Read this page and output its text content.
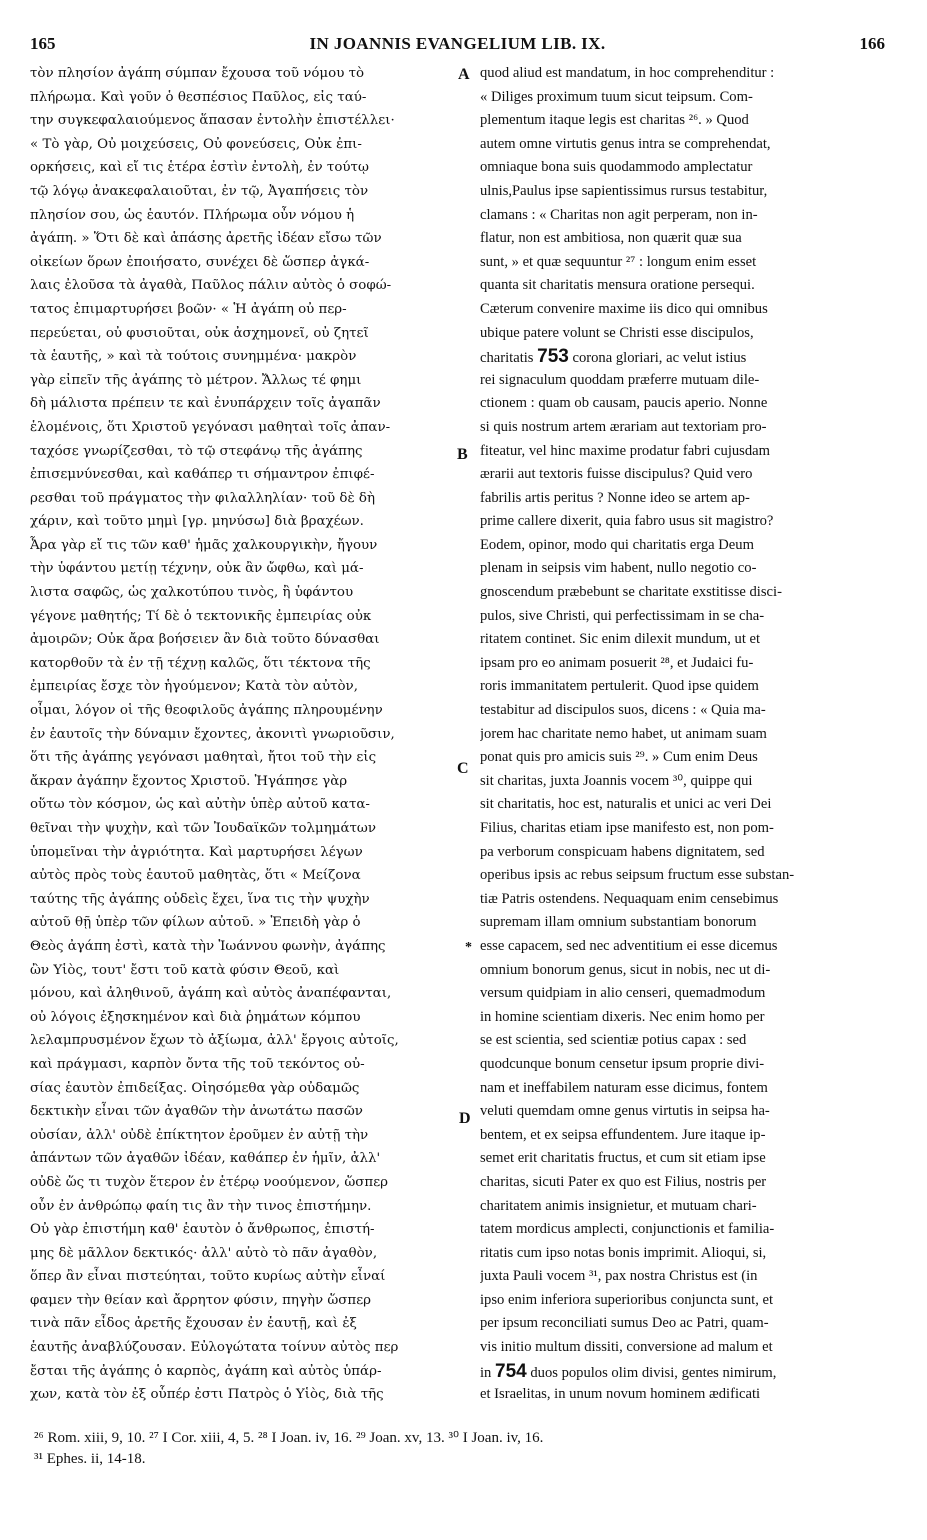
165	IN JOANNIS EVANGELIUM LIB. IX.	166
τὸν πλησίον ἀγάπη σύμπαν ἔχουσα τοῦ νόμου τὸ
πλήρωμα. Καὶ γοῦν ὁ θεσπέσιος Παῦλος, εἰς ταύ-
την συγκεφαλαιούμενος ἅπασαν ἐντολὴν ἐπιστέλλει·
« Τὸ γὰρ, Οὐ μοιχεύσεις, Οὐ φονεύσεις, Οὐκ ἐπι-
ορκήσεις, καὶ εἴ τις ἑτέρα ἐστὶν ἐντολὴ, ἐν τούτῳ
τῷ λόγῳ ἀνακεφαλαιοῦται, ἐν τῷ, Ἀγαπήσεις τὸν
πλησίον σου, ὡς ἑαυτόν. Πλήρωμα οὖν νόμου ἡ
ἀγάπη. » Ὅτι δὲ καὶ ἁπάσης ἀρετῆς ἰδέαν εἴσω τῶν
οἰκείων ὅρων ἐποιήσατο, συνέχει δὲ ὥσπερ ἀγκά-
λαις ἐλοῦσα τὰ ἀγαθὰ, Παῦλος πάλιν αὐτὸς ὁ σοφώ-
τατος ἐπιμαρτυρήσει βοῶν· « Ἡ ἀγάπη οὐ περ-
περεύεται, οὐ φυσιοῦται, οὐκ ἀσχημονεῖ, οὐ ζητεῖ
τὰ ἑαυτῆς, » καὶ τὰ τούτοις συνημμένα· μακρὸν
γὰρ εἰπεῖν τῆς ἀγάπης τὸ μέτρον. Ἄλλως τέ φημι
δὴ μάλιστα πρέπειν τε καὶ ἐνυπάρχειν τοῖς ἀγαπᾶν
ἑλομένοις, ὅτι Χριστοῦ γεγόνασι μαθηταὶ τοῖς ἀπαν-
ταχόσε γνωρίζεσθαι, τὸ τῷ στεφάνῳ τῆς ἀγάπης
ἐπισεμνύνεσθαι, καὶ καθάπερ τι σήμαντρον ἐπιφέ-
ρεσθαι τοῦ πράγματος τὴν φιλαλληλίαν· τοῦ δὲ δὴ
χάριν, καὶ τοῦτο μημὶ [γρ. μηνύσω] διὰ βραχέων.
Ἆρα γὰρ εἴ τις τῶν καθ' ἡμᾶς χαλκουργικὴν, ἤγουν
τὴν ὑφάντου μετίῃ τέχνην, οὐκ ἂν ὤφθω, καὶ μά-
λιστα σαφῶς, ὡς χαλκοτύπου τινὸς, ἢ ὑφάντου
γέγονε μαθητής; Τί δὲ ὁ τεκτονικῆς ἐμπειρίας οὐκ
ἀμοιρῶν; Οὐκ ἄρα βοήσειεν ἂν διὰ τοῦτο δύνασθαι
κατορθοῦν τὰ ἐν τῇ τέχνῃ καλῶς, ὅτι τέκτονα τῆς
ἐμπειρίας ἔσχε τὸν ἡγούμενον; Κατὰ τὸν αὐτὸν,
οἶμαι, λόγον οἱ τῆς θεοφιλοῦς ἀγάπης πληρουμένην
ἐν ἑαυτοῖς τὴν δύναμιν ἔχοντες, ἀκονιτὶ γνωριοῦσιν,
ὅτι τῆς ἀγάπης γεγόνασι μαθηταὶ, ἤτοι τοῦ τὴν εἰς
ἄκραν ἀγάπην ἔχοντος Χριστοῦ. Ἠγάπησε γὰρ
οὕτω τὸν κόσμον, ὡς καὶ αὐτὴν ὑπὲρ αὐτοῦ κατα-
θεῖναι τὴν ψυχὴν, καὶ τῶν Ἰουδαϊκῶν τολμημάτων
ὑπομεῖναι τὴν ἀγριότητα. Καὶ μαρτυρήσει λέγων
αὐτὸς πρὸς τοὺς ἑαυτοῦ μαθητὰς, ὅτι « Μείζονα
ταύτης τῆς ἀγάπης οὐδεὶς ἔχει, ἵνα τις τὴν ψυχὴν
αὐτοῦ θῇ ὑπὲρ τῶν φίλων αὐτοῦ. » Ἐπειδὴ γὰρ ὁ
Θεὸς ἀγάπη ἐστὶ, κατὰ τὴν Ἰωάννου φωνὴν, ἀγάπης
ὢν Υἱὸς, τουτ' ἔστι τοῦ κατὰ φύσιν Θεοῦ, καὶ
μόνου, καὶ ἀληθινοῦ, ἀγάπη καὶ αὐτὸς ἀναπέφανται,
οὐ λόγοις ἐξησκημένον καὶ διὰ ῥημάτων κόμπου
λελαμπρυσμένον ἔχων τὸ ἀξίωμα, ἀλλ' ἔργοις αὐτοῖς,
καὶ πράγμασι, καρπὸν ὄντα τῆς τοῦ τεκόντος οὐ-
σίας ἑαυτὸν ἐπιδείξας. Οἰησόμεθα γὰρ οὐδαμῶς
δεκτικὴν εἶναι τῶν ἀγαθῶν τὴν ἀνωτάτω πασῶν
οὐσίαν, ἀλλ' οὐδὲ ἐπίκτητον ἐροῦμεν ἐν αὐτῇ τὴν
ἁπάντων τῶν ἀγαθῶν ἰδέαν, καθάπερ ἐν ἡμῖν, ἀλλ'
οὐδὲ ὥς τι τυχὸν ἕτερον ἐν ἑτέρῳ νοούμενον, ὥσπερ
οὖν ἐν ἀνθρώπῳ φαίη τις ἂν τὴν τινος ἐπιστήμην.
Οὐ γὰρ ἐπιστήμη καθ' ἑαυτὸν ὁ ἄνθρωπος, ἐπιστή-
μης δὲ μᾶλλον δεκτικός· ἀλλ' αὐτὸ τὸ πᾶν ἀγαθὸν,
ὅπερ ἂν εἶναι πιστεύηται, τοῦτο κυρίως αὐτὴν εἶναί
φαμεν τὴν θείαν καὶ ἄρρητον φύσιν, πηγὴν ὥσπερ
τινὰ πᾶν εἶδος ἀρετῆς ἔχουσαν ἐν ἑαυτῇ, καὶ ἐξ
ἑαυτῆς ἀναβλύζουσαν. Εὐλογώτατα τοίνυν αὐτὸς περ
ἔσται τῆς ἀγάπης ὁ καρπὸς, ἀγάπη καὶ αὐτὸς ὑπάρ-
χων, κατὰ τὸν ἐξ οὗπέρ ἐστι Πατρὸς ὁ Υἱὸς, διὰ τῆς
A
B
C
*
D
quod aliud est mandatum, in hoc comprehenditur :
« Diliges proximum tuum sicut teipsum. Com-
plementum itaque legis est charitas ²⁶. » Quod
autem omne virtutis genus intra se comprehendat,
omniaque bona suis quodammodo amplectatur
ulnis,Paulus ipse sapientissimus rursus testabitur,
clamans : « Charitas non agit perperam, non in-
flatur, non est ambitiosa, non quærit quæ sua
sunt, » et quæ sequuntur ²⁷ : longum enim esset
quanta sit charitatis mensura oratione persequi.
Cæterum convenire maxime iis dico qui omnibus
ubique patere volunt se Christi esse discipulos,
charitatis 753 corona gloriari, ac velut istius
rei signaculum quoddam præferre mutuam dile-
ctionem : quam ob causam, paucis aperio. Nonne
si quis nostrum artem ærariam aut textoriam pro-
fiteatur, vel hinc maxime prodatur fabri cujusdam
ærarii aut textoris fuisse discipulus? Quid vero
fabrilis artis peritus ? Nonne ideo se artem ap-
prime callere dixerit, quia fabro usus sit magistro?
Eodem, opinor, modo qui charitatis erga Deum
plenam in seipsis vim habent, nullo negotio co-
gnoscendum præbebunt se charitate exstitisse disci-
pulos, sive Christi, qui perfectissimam in se cha-
ritatem continet. Sic enim dilexit mundum, ut et
ipsam pro eo animam posuerit ²⁸, et Judaici fu-
roris immanitatem pertulerit. Quod ipse quidem
testabitur ad discipulos suos, dicens : « Quia ma-
jorem hac charitate nemo habet, ut animam suam
ponat quis pro amicis suis ²⁹. » Cum enim Deus
sit charitas, juxta Joannis vocem ³⁰, quippe qui
sit charitatis, hoc est, naturalis et unici ac veri Dei
Filius, charitas etiam ipse manifesto est, non pom-
pa verborum conspicuam habens dignitatem, sed
operibus ipsis ac rebus seipsum fructum esse substan-
tiæ Patris ostendens. Nequaquam enim censebimus
supremam illam omnium substantiam bonorum
esse capacem, sed nec adventitium ei esse dicemus
omnium bonorum genus, sicut in nobis, nec ut di-
versum quidpiam in alio censeri, quemadmodum
in homine scientiam dixeris. Nec enim homo per
se est scientia, sed scientiæ potius capax : sed
quodcunque bonum censetur ipsum proprie divi-
nam et ineffabilem naturam esse dicimus, fontem
veluti quemdam omne genus virtutis in seipsa ha-
bentem, et ex seipsa effundentem. Jure itaque ip-
semet erit charitatis fructus, et cum sit etiam ipse
charitas, sicuti Pater ex quo est Filius, nostris per
charitatem animis insignietur, et mutuam chari-
tatem mordicus amplecti, conjunctionis et familia-
ritatis cum ipso notas bonis imprimit. Alioqui, si,
juxta Pauli vocem ³¹, pax nostra Christus est (in
ipso enim inferiora superioribus conjuncta sunt, et
per ipsum reconciliati sumus Deo ac Patri, quam-
vis initio multum dissiti, conversione ad malum et
in 754 duos populos olim divisi, gentes nimirum,
et Israelitas, in unum novum hominem ædificati
²⁶ Rom. xiii, 9, 10. ²⁷ I Cor. xiii, 4, 5. ²⁸ I Joan. iv, 16. ²⁹ Joan. xv, 13. ³⁰ I Joan. iv, 16.
³¹ Ephes. ii, 14-18.
